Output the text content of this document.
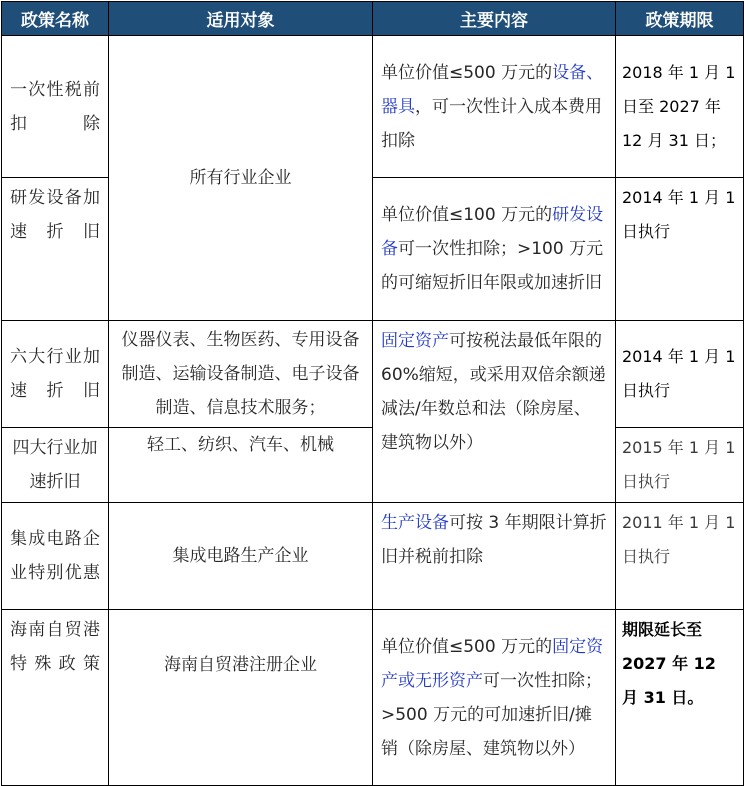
政策名称	适用对象	主要内容	政策期限
一次性税前扣除	所有行业企业	单位价值≤500 万元的设备、器具，可一次性计入成本费用扣除	2018 年 1 月 1 日至 2027 年 12 月 31 日；
研发设备加速折旧		单位价值≤100 万元的研发设备可一次性扣除；>100 万元的可缩短折旧年限或加速折旧	2014 年 1 月 1 日执行
六大行业加速折旧	仪器仪表、生物医药、专用设备制造、运输设备制造、电子设备制造、信息技术服务；	固定资产可按税法最低年限的 60%缩短，或采用双倍余额递减法/年数总和法（除房屋、建筑物以外）	2014 年 1 月 1 日执行
四大行业加速折旧	轻工、纺织、汽车、机械		2015 年 1 月 1 日执行
集成电路企业特别优惠	集成电路生产企业	生产设备可按 3 年期限计算折旧并税前扣除	2011 年 1 月 1 日执行
海南自贸港特殊政策	海南自贸港注册企业	单位价值≤500 万元的固定资产或无形资产可一次性扣除；>500 万元的可加速折旧/摊销（除房屋、建筑物以外）	期限延长至 2027 年 12 月 31 日。
